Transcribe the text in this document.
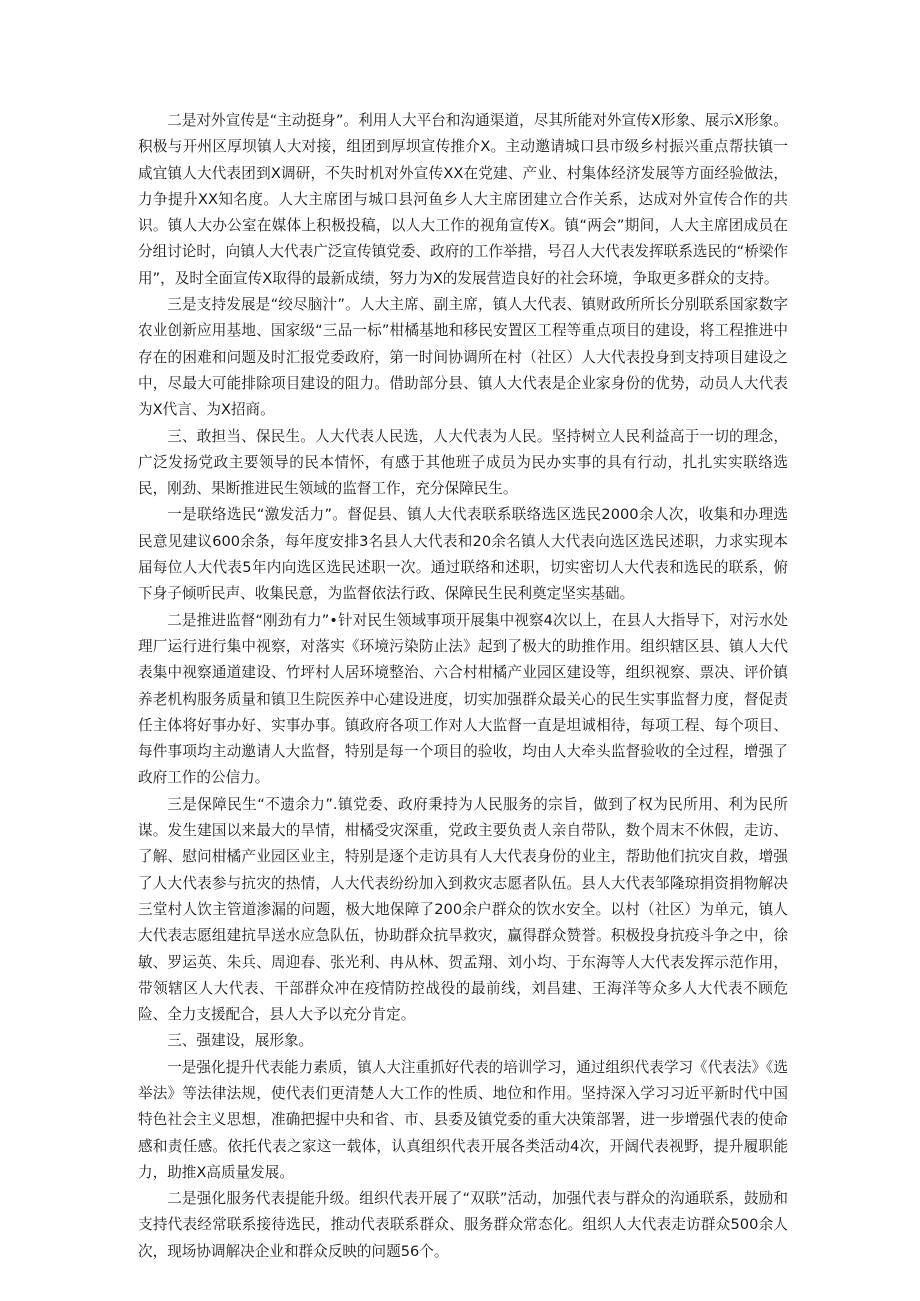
二是对外宣传是“主动挺身”。利用人大平台和沟通渠道，尽其所能对外宣传X形象、展示X形象。积极与开州区厚坝镇人大对接，组团到厚坝宣传推介X。主动邀请城口县市级乡村振兴重点帮扶镇一咸宜镇人大代表团到X调研，不失时机对外宣传XX在党建、产业、村集体经济发展等方面经验做法，力争提升XX知名度。人大主席团与城口县河鱼乡人大主席团建立合作关系，达成对外宣传合作的共识。镇人大办公室在媒体上积极投稿，以人大工作的视角宣传X。镇“两会”期间，人大主席团成员在分组讨论时，向镇人大代表广泛宣传镇党委、政府的工作举措，号召人大代表发挥联系选民的“桥梁作用”，及时全面宣传X取得的最新成绩，努力为X的发展营造良好的社会环境，争取更多群众的支持。

三是支持发展是“绞尽脑汁”。人大主席、副主席，镇人大代表、镇财政所所长分别联系国家数字农业创新应用基地、国家级“三品一标”柑橘基地和移民安置区工程等重点项目的建设，将工程推进中存在的困难和问题及时汇报党委政府，第一时间协调所在村（社区）人大代表投身到支持项目建设之中，尽最大可能排除项目建设的阻力。借助部分县、镇人大代表是企业家身份的优势，动员人大代表为X代言、为X招商。

三、敢担当、保民生。人大代表人民选，人大代表为人民。坚持树立人民利益高于一切的理念，广泛发扬党政主要领导的民本情怀，有感于其他班子成员为民办实事的具有行动，扎扎实实联络选民，刚劲、果断推进民生领域的监督工作，充分保障民生。

一是联络选民“激发活力”。督促县、镇人大代表联系联络选区选民2000余人次，收集和办理选民意见建议600余条，每年度安排3名县人大代表和20余名镇人大代表向选区选民述职，力求实现本届每位人大代表5年内向选区选民述职一次。通过联络和述职，切实密切人大代表和选民的联系，俯下身子倾听民声、收集民意，为监督依法行政、保障民生民利奠定坚实基础。

二是推进监督“刚劲有力”•针对民生领域事项开展集中视察4次以上，在县人大指导下，对污水处理厂运行进行集中视察，对落实《环境污染防止法》起到了极大的助推作用。组织辖区县、镇人大代表集中视察通道建设、竹坪村人居环境整治、六合村柑橘产业园区建设等，组织视察、票决、评价镇养老机构服务质量和镇卫生院医养中心建设进度，切实加强群众最关心的民生实事监督力度，督促责任主体将好事办好、实事办事。镇政府各项工作对人大监督一直是坦诚相待，每项工程、每个项目、每件事项均主动邀请人大监督，特别是每一个项目的验收，均由人大牵头监督验收的全过程，增强了政府工作的公信力。

三是保障民生“不遗余力”.镇党委、政府秉持为人民服务的宗旨，做到了权为民所用、利为民所谋。发生建国以来最大的旱情，柑橘受灾深重，党政主要负责人亲自带队，数个周末不休假，走访、了解、慰问柑橘产业园区业主，特别是逐个走访具有人大代表身份的业主，帮助他们抗灾自救，增强了人大代表参与抗灾的热情，人大代表纷纷加入到救灾志愿者队伍。县人大代表邹隆琼捐资捐物解决三堂村人饮主管道渗漏的问题，极大地保障了200余户群众的饮水安全。以村（社区）为单元，镇人大代表志愿组建抗旱送水应急队伍，协助群众抗旱救灾，赢得群众赞誉。积极投身抗疫斗争之中，徐敏、罗运英、朱兵、周迎春、张光利、冉从林、贺孟翔、刘小均、于东海等人大代表发挥示范作用，带领辖区人大代表、干部群众冲在疫情防控战役的最前线，刘昌建、王海洋等众多人大代表不顾危险、全力支援配合，县人大予以充分肯定。

三、强建设，展形象。

一是强化提升代表能力素质，镇人大注重抓好代表的培训学习，通过组织代表学习《代表法》《选举法》等法律法规，使代表们更清楚人大工作的性质、地位和作用。坚持深入学习习近平新时代中国特色社会主义思想，准确把握中央和省、市、县委及镇党委的重大决策部署，进一步增强代表的使命感和责任感。依托代表之家这一载体，认真组织代表开展各类活动4次，开阔代表视野，提升履职能力，助推X高质量发展。

二是强化服务代表提能升级。组织代表开展了“双联”活动，加强代表与群众的沟通联系，鼓励和支持代表经常联系接待选民，推动代表联系群众、服务群众常态化。组织人大代表走访群众500余人次，现场协调解决企业和群众反映的问题56个。
